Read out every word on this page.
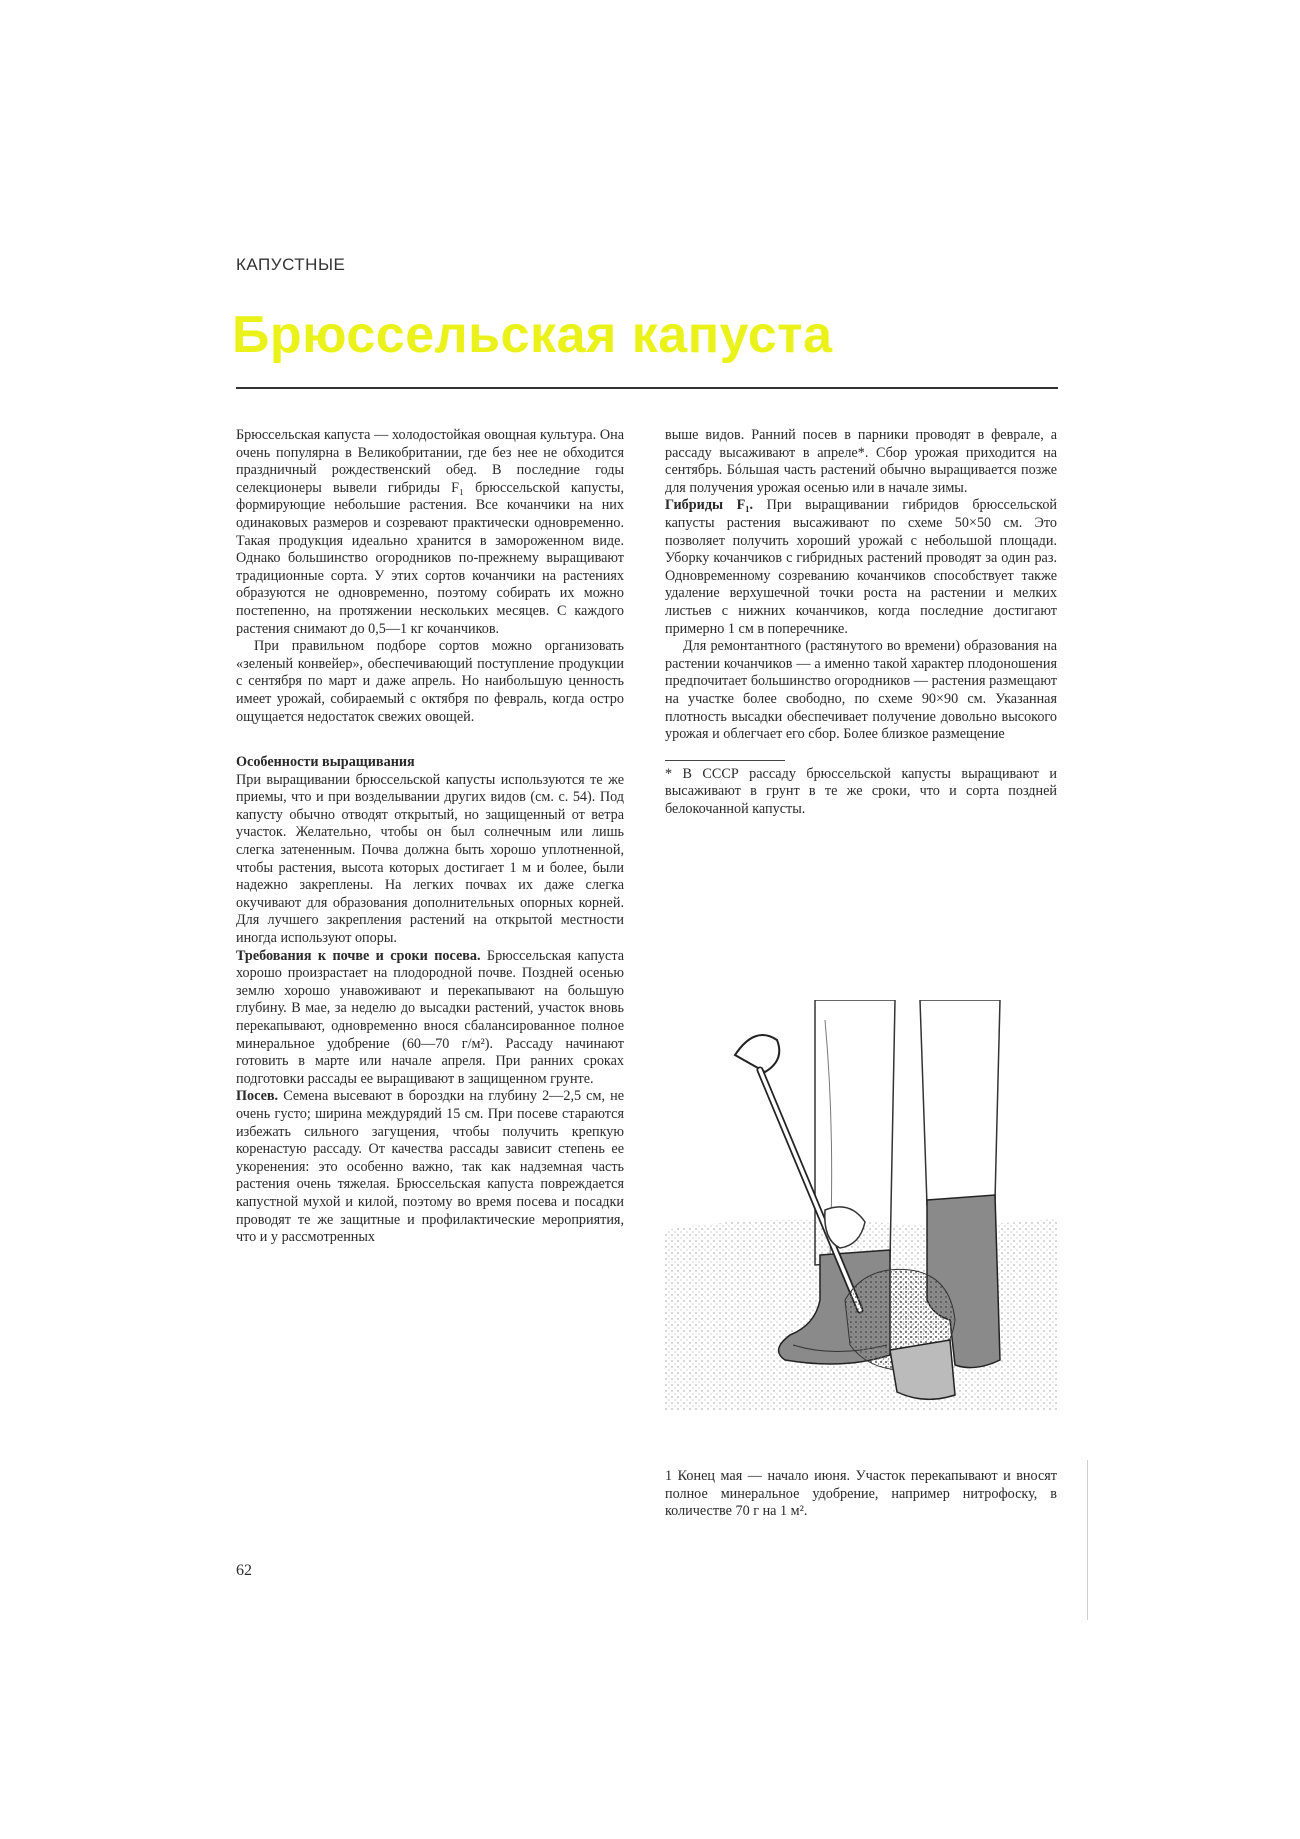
КАПУСТНЫЕ
Брюссельская капуста

Брюссельская капуста — холодостойкая овощная культура. Она очень популярна в Великобритании, где без нее не обходится праздничный рождественский обед. В последние годы селекционеры вывели гибриды F₁ брюссельской капусты, формирующие небольшие растения. Все кочанчики на них одинаковых размеров и созревают практически одновременно. Такая продукция идеально хранится в замороженном виде. Однако большинство огородников по-прежнему выращивают традиционные сорта. У этих сортов кочанчики на растениях образуются не одновременно, поэтому собирать их можно постепенно, на протяжении нескольких месяцев. С каждого растения снимают до 0,5—1 кг кочанчиков.

При правильном подборе сортов можно организовать «зеленый конвейер», обеспечивающий поступление продукции с сентября по март и даже апрель. Но наибольшую ценность имеет урожай, собираемый с октября по февраль, когда остро ощущается недостаток свежих овощей.

Особенности выращивания

При выращивании брюссельской капусты используются те же приемы, что и при возделывании других видов (см. с. 54). Под капусту обычно отводят открытый, но защищенный от ветра участок. Желательно, чтобы он был солнечным или лишь слегка затененным. Почва должна быть хорошо уплотненной, чтобы растения, высота которых достигает 1 м и более, были надежно закреплены. На легких почвах их даже слегка окучивают для образования дополнительных опорных корней. Для лучшего закрепления растений на открытой местности иногда используют опоры.

Требования к почве и сроки посева. Брюссельская капуста хорошо произрастает на плодородной почве. Поздней осенью землю хорошо унавоживают и перекапывают на большую глубину. В мае, за неделю до высадки растений, участок вновь перекапывают, одновременно внося сбалансированное полное минеральное удобрение (60—70 г/м²). Рассаду начинают готовить в марте или начале апреля. При ранних сроках подготовки рассады ее выращивают в защищенном грунте.

Посев. Семена высевают в бороздки на глубину 2—2,5 см, не очень густо; ширина междурядий 15 см. При посеве стараются избежать сильного загущения, чтобы получить крепкую коренастую рассаду. От качества рассады зависит степень ее укоренения: это особенно важно, так как надземная часть растения очень тяжелая. Брюссельская капуста повреждается капустной мухой и килой, поэтому во время посева и посадки проводят те же защитные и профилактические мероприятия, что и у рассмотренных

выше видов. Ранний посев в парники проводят в феврале, а рассаду высаживают в апреле*. Сбор урожая приходится на сентябрь. Бóльшая часть растений обычно выращивается позже для получения урожая осенью или в начале зимы.

Гибриды F₁. При выращивании гибридов брюссельской капусты растения высаживают по схеме 50×50 см. Это позволяет получить хороший урожай с небольшой площади. Уборку кочанчиков с гибридных растений проводят за один раз. Одновременному созреванию кочанчиков способствует также удаление верхушечной точки роста на растении и мелких листьев с нижних кочанчиков, когда последние достигают примерно 1 см в поперечнике.

Для ремонтантного (растянутого во времени) образования на растении кочанчиков — а именно такой характер плодоношения предпочитает большинство огородников — растения размещают на участке более свободно, по схеме 90×90 см. Указанная плотность высадки обеспечивает получение довольно высокого урожая и облегчает его сбор. Более близкое размещение

* В СССР рассаду брюссельской капусты выращивают и высаживают в грунт в те же сроки, что и сорта поздней белокочанной капусты.

1 Конец мая — начало июня. Участок перекапывают и вносят полное минеральное удобрение, например нитрофоску, в количестве 70 г на 1 м².
62
